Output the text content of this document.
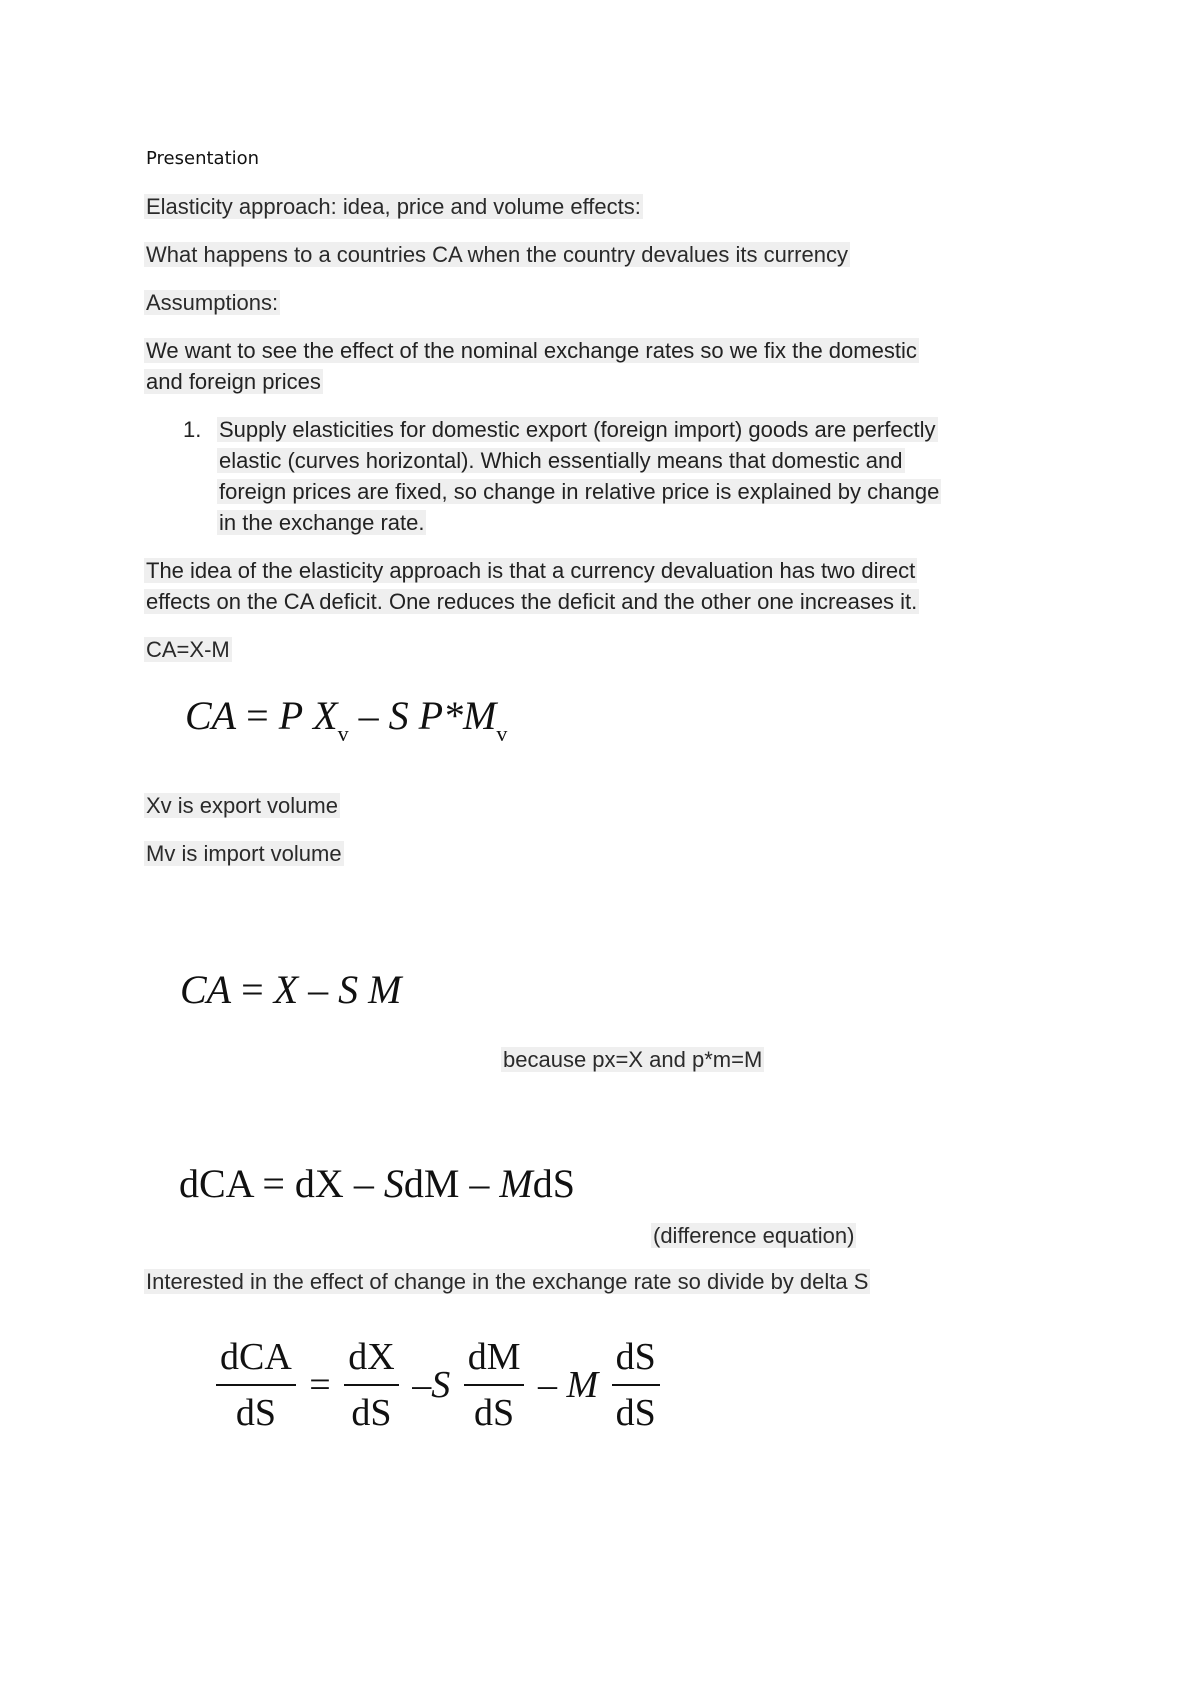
Presentation
Elasticity approach: idea, price and volume effects:
What happens to a countries CA when the country devalues its currency
Assumptions:
We want to see the effect of the nominal exchange rates so we fix the domestic
and foreign prices
1. Supply elasticities for domestic export (foreign import) goods are perfectly
elastic (curves horizontal). Which essentially means that domestic and
foreign prices are fixed, so change in relative price is explained by change
in the exchange rate.
The idea of the elasticity approach is that a currency devaluation has two direct
effects on the CA deficit. One reduces the deficit and the other one increases it.
CA=X-M
CA = P $X_v$ – S $P*M_v$
Xv is export volume
Mv is import volume
CA = X – S M
because px=X and p*m=M
dCA = dX – SdM – MdS
(difference equation)
Interested in the effect of change in the exchange rate so divide by delta S
$\frac{\text{dCA}}{dS} = \frac{dX}{dS} -S \frac{dM}{dS} - M \frac{dS}{dS}$
